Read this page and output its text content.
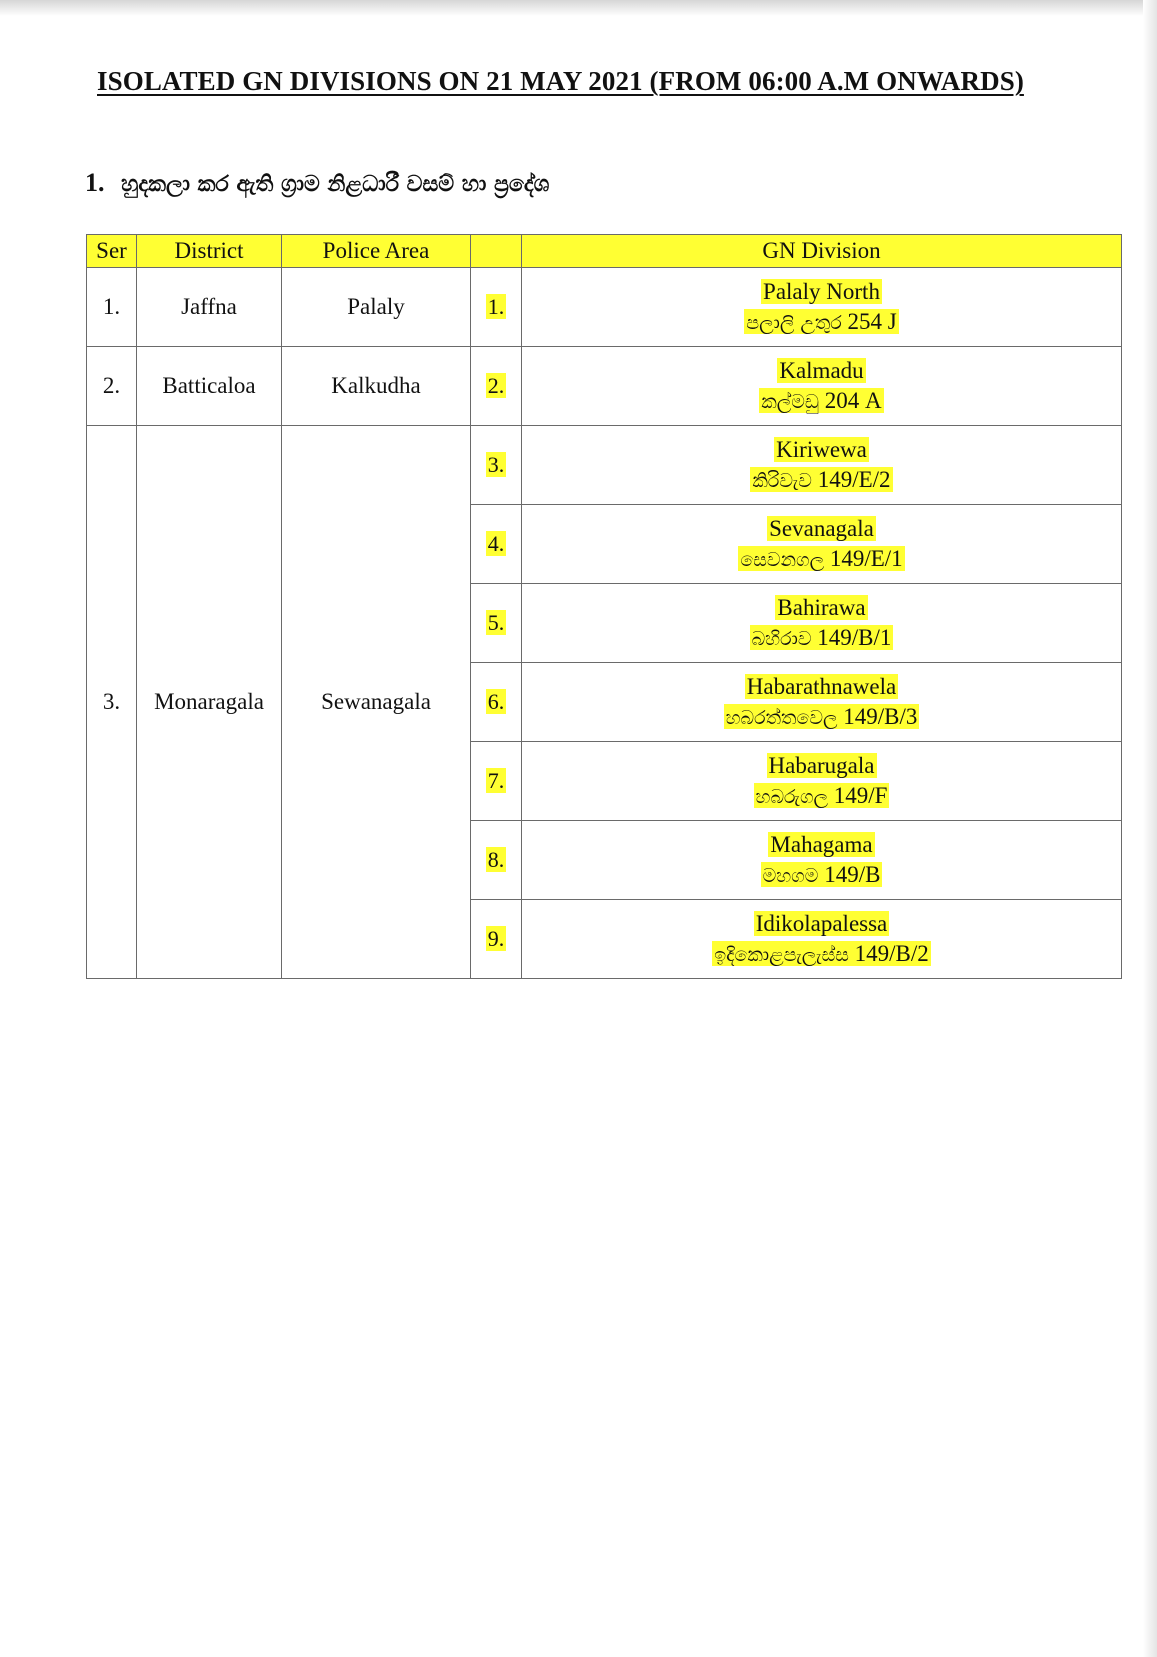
ISOLATED GN DIVISIONS ON 21 MAY 2021 (FROM 06:00 A.M ONWARDS)
1. හුදකලා කර ඇති ග්‍රාම නිළධාරී වසම් හා ප්‍රදේශ
Ser	District	Police Area		GN Division
1.	Jaffna	Palaly	1.	Palaly North
පලාලි උතුර 254 J

2.	Batticaloa	Kalkudha	2.	Kalmadu
කල්මඩු 204 A

3.	Monaragala	Sewanagala	3.	Kiriwewa
කිරිවැව 149/E/2

			4.	Sevanagala
සෙවනගල 149/E/1

			5.	Bahirawa
බහිරාව 149/B/1

			6.	Habarathnawela
හබරත්තවෙල 149/B/3

			7.	Habarugala
හබරුගල 149/F

			8.	Mahagama
මහගම 149/B

			9.	Idikolapalessa
ඉදිකොළපැලැස්ස 149/B/2
